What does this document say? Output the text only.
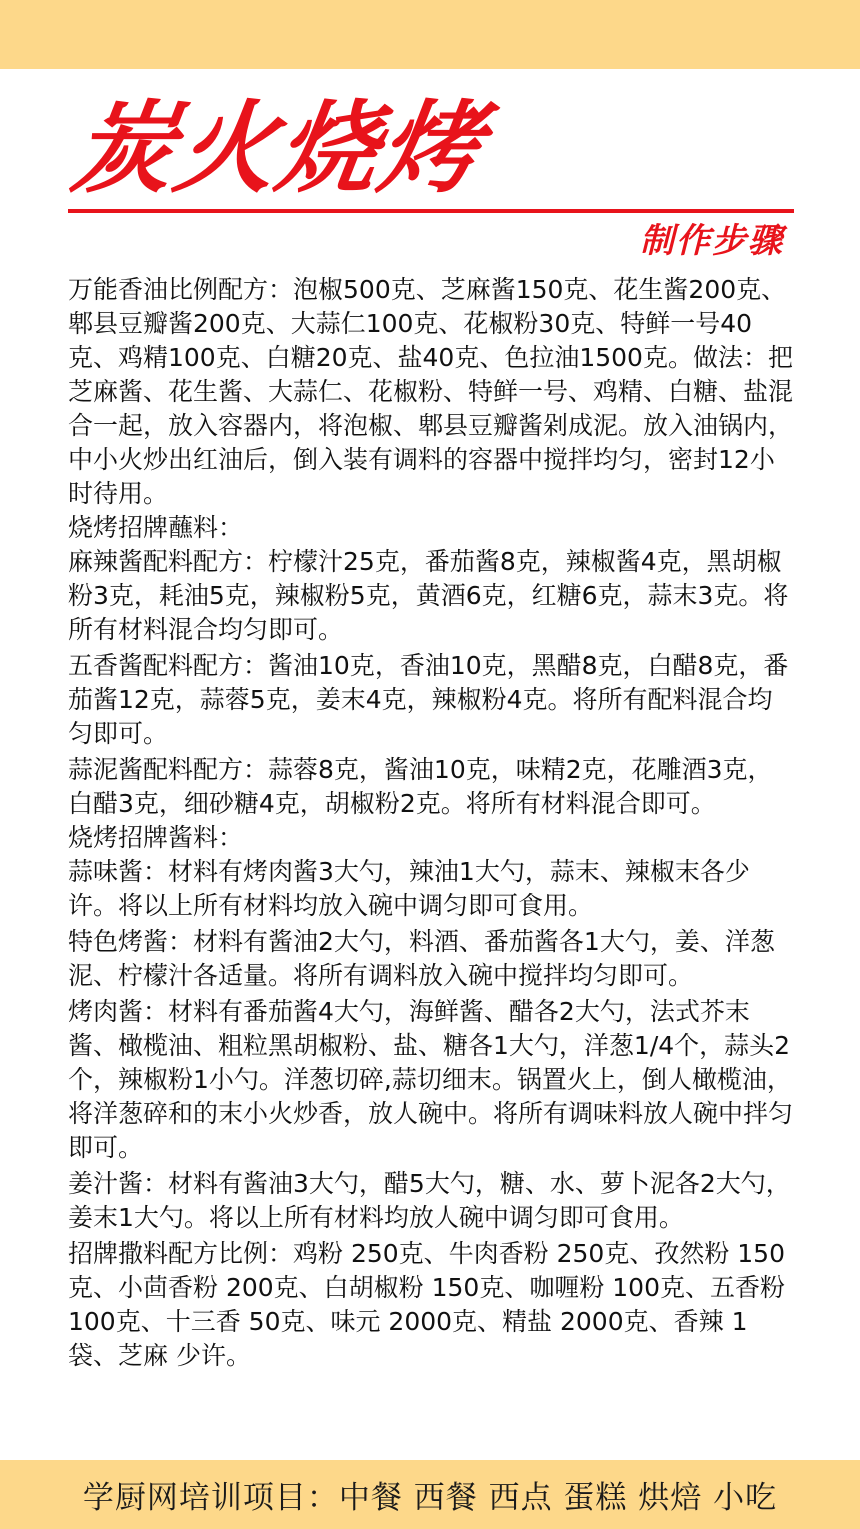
炭火烧烤
制作步骤

万能香油比例配方：泡椒500克、芝麻酱150克、花生酱200克、郫县豆瓣酱200克、大蒜仁100克、花椒粉30克、特鲜一号40克、鸡精100克、白糖20克、盐40克、色拉油1500克。做法：把芝麻酱、花生酱、大蒜仁、花椒粉、特鲜一号、鸡精、白糖、盐混合一起，放入容器内，将泡椒、郫县豆瓣酱剁成泥。放入油锅内，中小火炒出红油后，倒入装有调料的容器中搅拌均匀，密封12小时待用。

烧烤招牌蘸料：

麻辣酱配料配方：柠檬汁25克，番茄酱8克，辣椒酱4克，黑胡椒粉3克，耗油5克，辣椒粉5克，黄酒6克，红糖6克，蒜末3克。将所有材料混合均匀即可。

五香酱配料配方：酱油10克，香油10克，黑醋8克，白醋8克，番茄酱12克，蒜蓉5克，姜末4克，辣椒粉4克。将所有配料混合均匀即可。

蒜泥酱配料配方：蒜蓉8克，酱油10克，味精2克，花雕酒3克，白醋3克，细砂糖4克，胡椒粉2克。将所有材料混合即可。

烧烤招牌酱料：

蒜味酱：材料有烤肉酱3大勺，辣油1大勺，蒜末、辣椒末各少许。将以上所有材料均放入碗中调匀即可食用。

特色烤酱：材料有酱油2大勺，料酒、番茄酱各1大勺，姜、洋葱泥、柠檬汁各适量。将所有调料放入碗中搅拌均匀即可。

烤肉酱：材料有番茄酱4大勺，海鲜酱、醋各2大勺，法式芥末酱、橄榄油、粗粒黑胡椒粉、盐、糖各1大勺，洋葱1/4个，蒜头2个，辣椒粉1小勺。洋葱切碎,蒜切细末。锅置火上，倒人橄榄油，将洋葱碎和的末小火炒香，放人碗中。将所有调味料放人碗中拌匀即可。

姜汁酱：材料有酱油3大勺，醋5大勺，糖、水、萝卜泥各2大勺，姜末1大勺。将以上所有材料均放人碗中调匀即可食用。

招牌撒料配方比例：鸡粉 250克、牛肉香粉 250克、孜然粉 150克、小茴香粉 200克、白胡椒粉 150克、咖喱粉 100克、五香粉 100克、十三香 50克、味元 2000克、精盐 2000克、香辣 1袋、芝麻 少许。

学厨网培训项目：中餐 西餐 西点 蛋糕 烘焙 小吃
